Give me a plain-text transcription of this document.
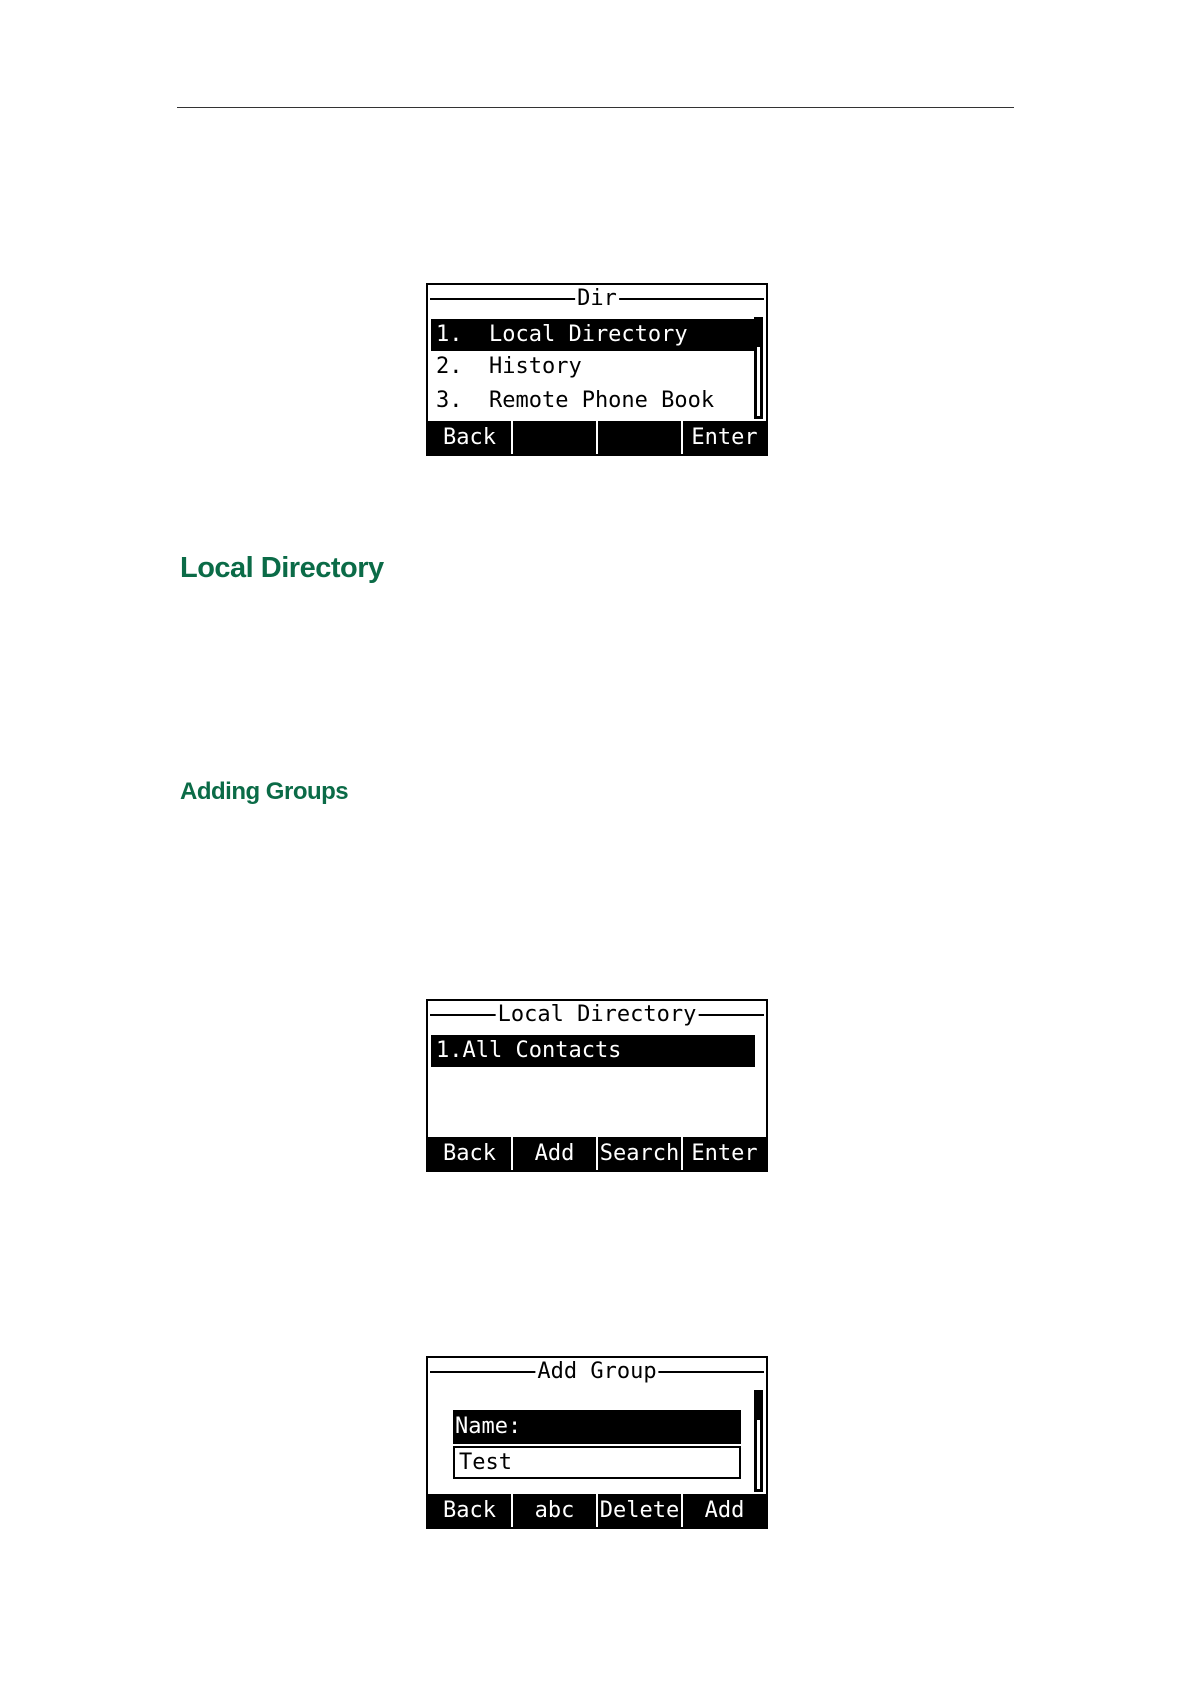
Dir
1.  Local Directory
2.  History
3.  Remote Phone Book
Back	Enter
Local Directory
Adding Groups
Local Directory
1.All Contacts
Back	Add	Search Enter
Add Group
Name:
Test
Back	abc	Delete	Add
